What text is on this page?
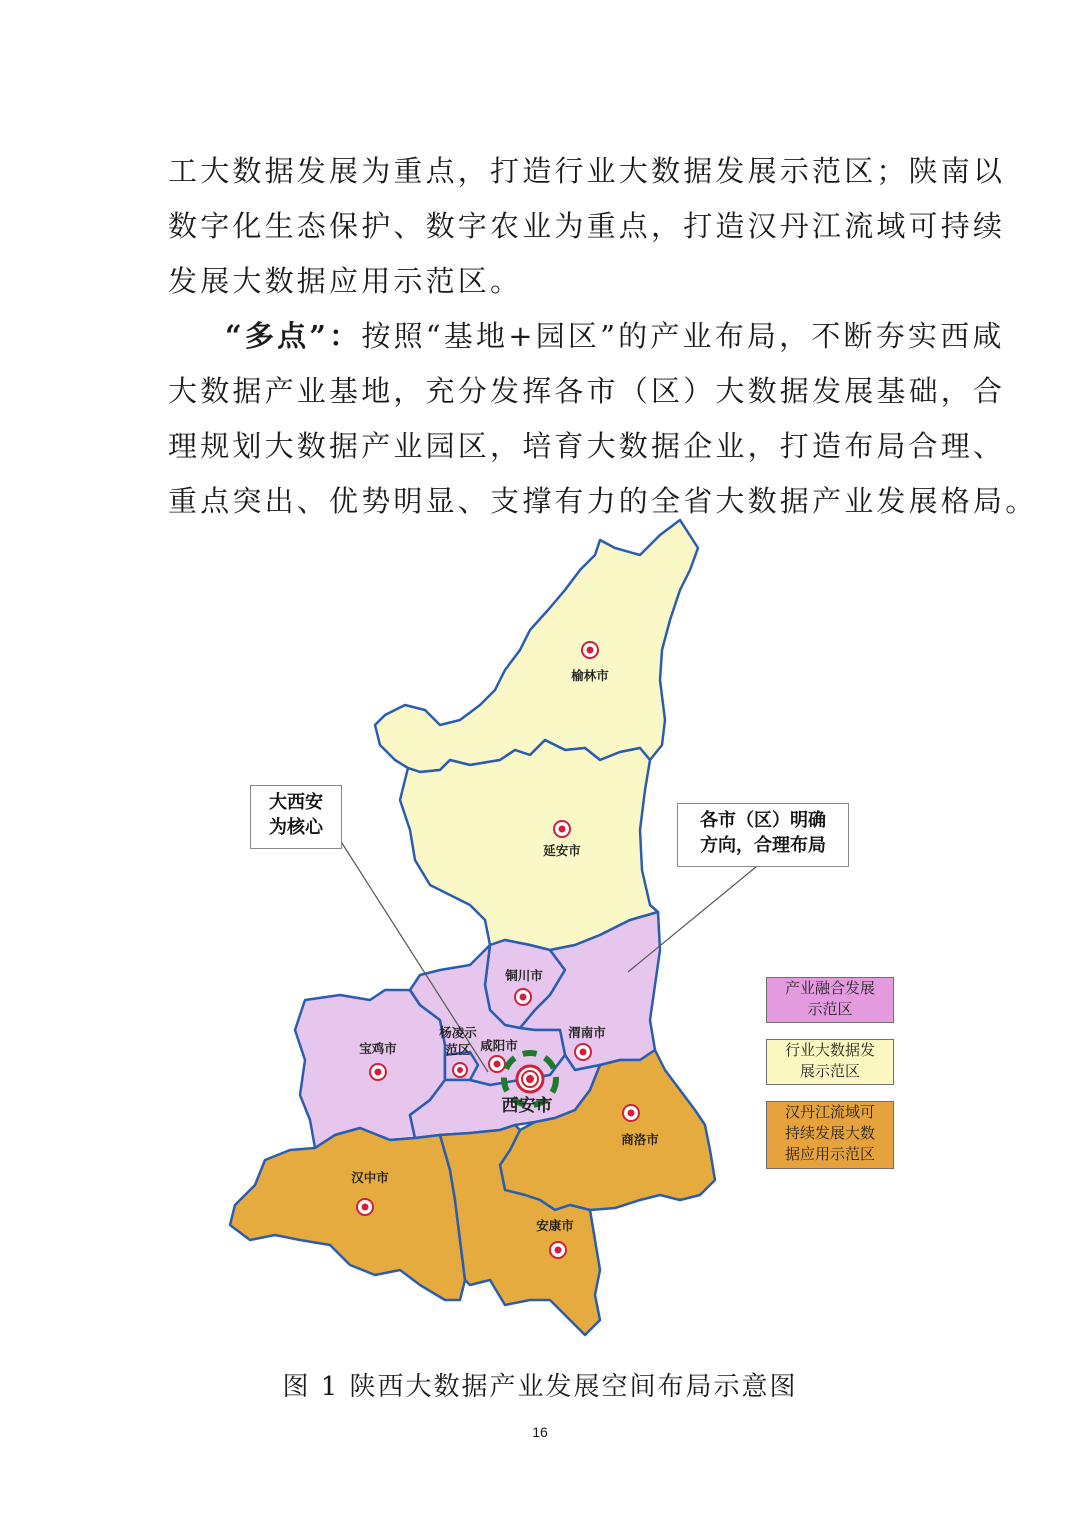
工大数据发展为重点，打造行业大数据发展示范区；陕南以
数字化生态保护、数字农业为重点，打造汉丹江流域可持续
发展大数据应用示范区。
“多点”：按照“基地+园区”的产业布局，不断夯实西咸
大数据产业基地，充分发挥各市（区）大数据发展基础，合
理规划大数据产业园区，培育大数据企业，打造布局合理、
重点突出、优势明显、支撑有力的全省大数据产业发展格局。
榆林市
延安市
铜川市
宝鸡市
杨凌示
范区 咸阳市
渭南市
西安市
商洛市
汉中市
安康市
大西安
为核心	各市（区）明确
方向，合理布局
产业融合发展
示范区
行业大数据发
展示范区
汉丹江流域可
持续发展大数
据应用示范区
图 1 陕西大数据产业发展空间布局示意图
16
